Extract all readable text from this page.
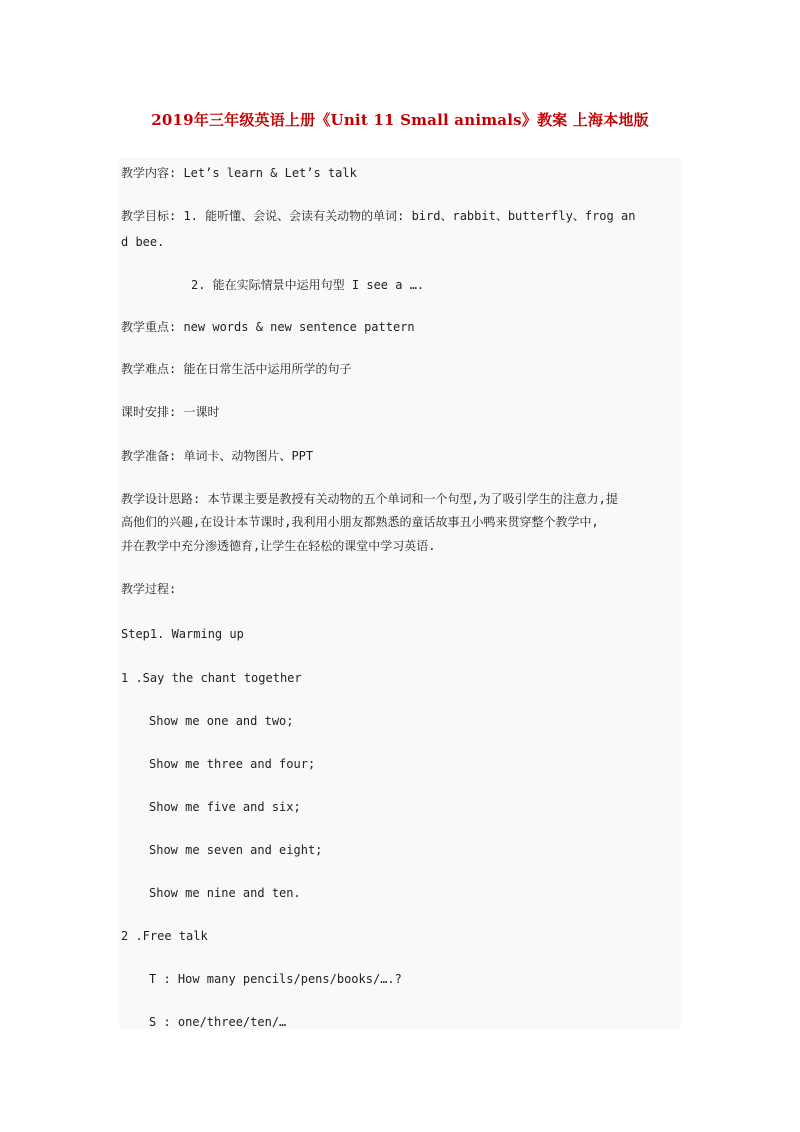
2019年三年级英语上册《Unit 11 Small animals》教案 上海本地版
教学内容: Let’s learn & Let’s talk
教学目标: 1. 能听懂、会说、会读有关动物的单词: bird、rabbit、butterfly、frog an
d bee.
2. 能在实际情景中运用句型 I see a ….
教学重点: new words & new sentence pattern
教学难点: 能在日常生活中运用所学的句子
课时安排: 一课时
教学准备: 单词卡、动物图片、PPT
教学设计思路: 本节课主要是教授有关动物的五个单词和一个句型,为了吸引学生的注意力,提
高他们的兴趣,在设计本节课时,我利用小朋友都熟悉的童话故事丑小鸭来贯穿整个教学中,
并在教学中充分渗透德育,让学生在轻松的课堂中学习英语.
教学过程:
Step1. Warming up
1 .Say the chant together
Show me one and two;
Show me three and four;
Show me five and six;
Show me seven and eight;
Show me nine and ten.
2 .Free talk
T : How many pencils/pens/books/….?
S : one/three/ten/…
